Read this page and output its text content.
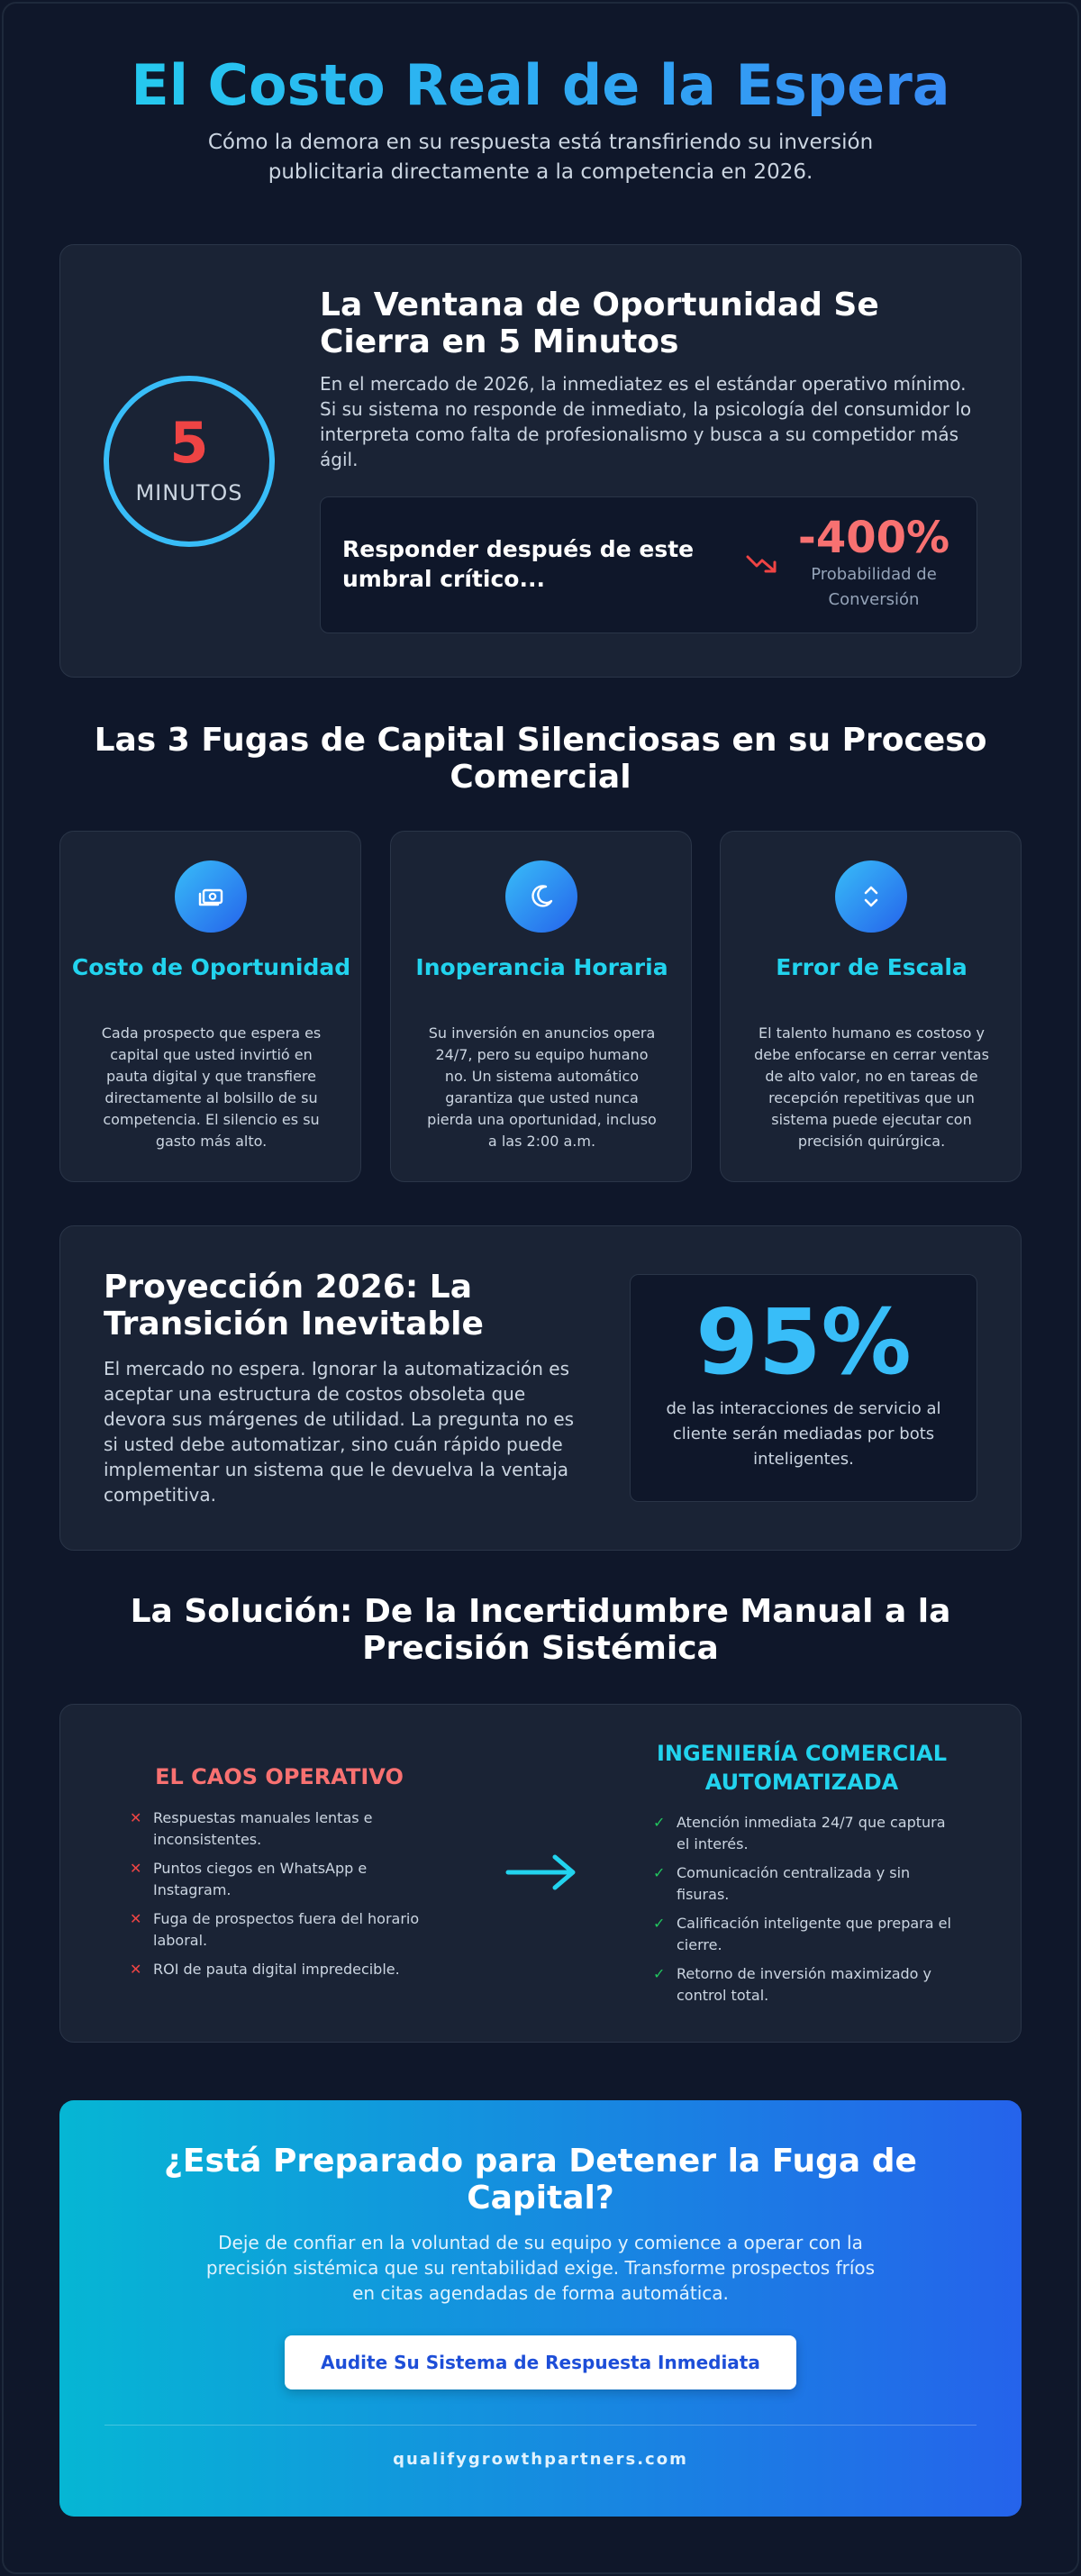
El Costo Real de la Espera

Cómo la demora en su respuesta está transfiriendo su inversión publicitaria directamente a la competencia en 2026.

5
MINUTOS
La Ventana de Oportunidad Se Cierra en 5 Minutos

En el mercado de 2026, la inmediatez es el estándar operativo mínimo. Si su sistema no responde de inmediato, la psicología del consumidor lo interpreta como falta de profesionalismo y busca a su competidor más ágil.

Responder después de este umbral crítico...
-400%
Probabilidad de Conversión
Las 3 Fugas de Capital Silenciosas en su Proceso Comercial
Costo de Oportunidad
Cada prospecto que espera es capital que usted invirtió en pauta digital y que transfiere directamente al bolsillo de su competencia. El silencio es su gasto más alto.
Inoperancia Horaria
Su inversión en anuncios opera 24/7, pero su equipo humano no. Un sistema automático garantiza que usted nunca pierda una oportunidad, incluso a las 2:00 a.m.
Error de Escala
El talento humano es costoso y debe enfocarse en cerrar ventas de alto valor, no en tareas de recepción repetitivas que un sistema puede ejecutar con precisión quirúrgica.
Proyección 2026: La Transición Inevitable

El mercado no espera. Ignorar la automatización es aceptar una estructura de costos obsoleta que devora sus márgenes de utilidad. La pregunta no es si usted debe automatizar, sino cuán rápido puede implementar un sistema que le devuelva la ventaja competitiva.

95%
de las interacciones de servicio al cliente serán mediadas por bots inteligentes.
La Solución: De la Incertidumbre Manual a la Precisión Sistémica
EL CAOS OPERATIVO
✕ Respuestas manuales lentas e inconsistentes.
✕ Puntos ciegos en WhatsApp e Instagram.
✕ Fuga de prospectos fuera del horario laboral.
✕ ROI de pauta digital impredecible.
INGENIERÍA COMERCIAL AUTOMATIZADA
✓ Atención inmediata 24/7 que captura el interés.
✓ Comunicación centralizada y sin fisuras.
✓ Calificación inteligente que prepara el cierre.
✓ Retorno de inversión maximizado y control total.
¿Está Preparado para Detener la Fuga de Capital?

Deje de confiar en la voluntad de su equipo y comience a operar con la precisión sistémica que su rentabilidad exige. Transforme prospectos fríos en citas agendadas de forma automática.

Audite Su Sistema de Respuesta Inmediata
qualifygrowthpartners.com
